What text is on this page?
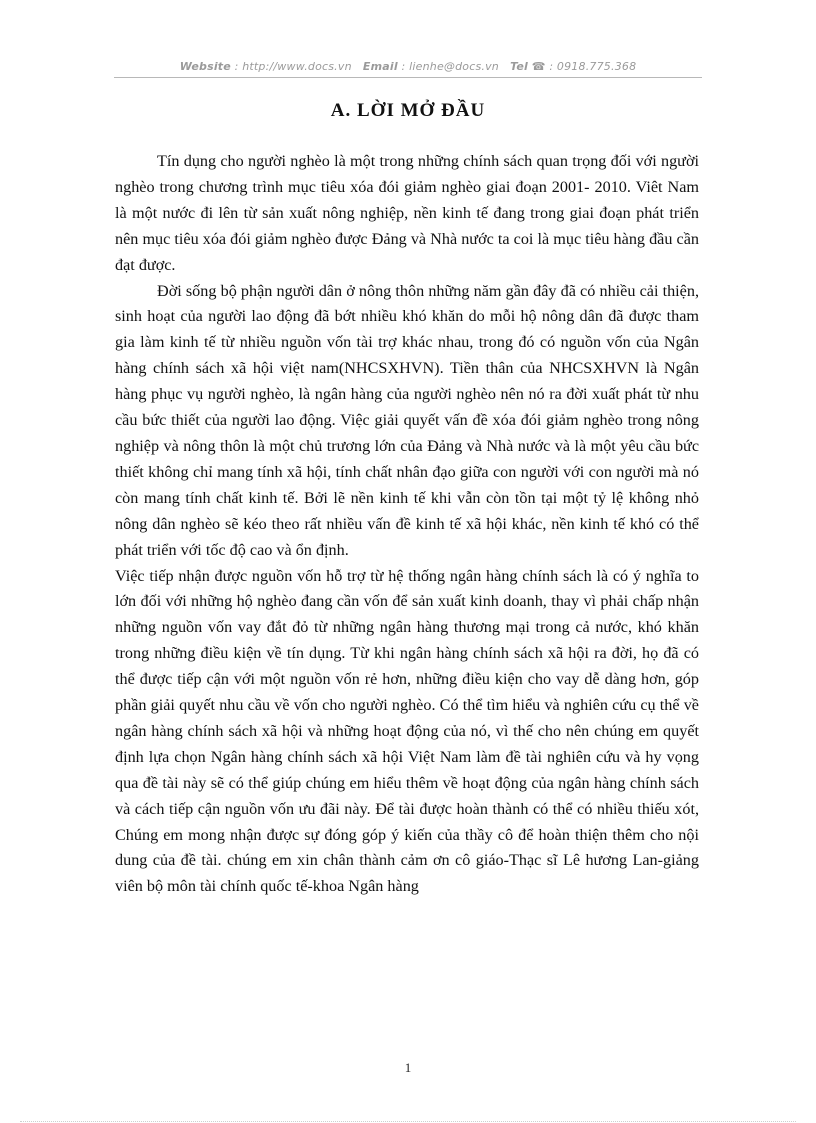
Website : http://www.docs.vn Email : lienhe@docs.vn Tel ☎ : 0918.775.368
A. LỜI MỞ ĐẦU

Tín dụng cho người nghèo là một trong những chính sách quan trọng đối với người nghèo trong chương trình mục tiêu xóa đói giảm nghèo giai đoạn 2001- 2010. Viêt Nam là một nước đi lên từ sản xuất nông nghiệp, nền kinh tế đang trong giai đoạn phát triển nên mục tiêu xóa đói giảm nghèo được Đảng và Nhà nước ta coi là mục tiêu hàng đầu cần đạt được.

Đời sống bộ phận người dân ở nông thôn những năm gần đây đã có nhiều cải thiện, sinh hoạt của người lao động đã bớt nhiều khó khăn do mỗi hộ nông dân đã được tham gia làm kinh tế từ nhiều nguồn vốn tài trợ khác nhau, trong đó có nguồn vốn của Ngân hàng chính sách xã hội việt nam(NHCSXHVN). Tiền thân của NHCSXHVN là Ngân hàng phục vụ người nghèo, là ngân hàng của người nghèo nên nó ra đời xuất phát từ nhu cầu bức thiết của người lao động. Việc giải quyết vấn đề xóa đói giảm nghèo trong nông nghiệp và nông thôn là một chủ trương lớn của Đảng và Nhà nước và là một yêu cầu bức thiết không chỉ mang tính xã hội, tính chất nhân đạo giữa con người với con người mà nó còn mang tính chất kinh tế. Bởi lẽ nền kinh tế khi vẫn còn tồn tại một tỷ lệ không nhỏ nông dân nghèo sẽ kéo theo rất nhiều vấn đề kinh tế xã hội khác, nền kinh tế khó có thể phát triển với tốc độ cao và ổn định.

Việc tiếp nhận được nguồn vốn hỗ trợ từ hệ thống ngân hàng chính sách là có ý nghĩa to lớn đối với những hộ nghèo đang cần vốn để sản xuất kinh doanh, thay vì phải chấp nhận những nguồn vốn vay đắt đỏ từ những ngân hàng thương mại trong cả nước, khó khăn trong những điều kiện về tín dụng. Từ khi ngân hàng chính sách xã hội ra đời, họ đã có thể được tiếp cận với một nguồn vốn rẻ hơn, những điều kiện cho vay dễ dàng hơn, góp phần giải quyết nhu cầu về vốn cho người nghèo. Có thể tìm hiểu và nghiên cứu cụ thể về ngân hàng chính sách xã hội và những hoạt động của nó, vì thế cho nên chúng em quyết định lựa chọn Ngân hàng chính sách xã hội Việt Nam làm đề tài nghiên cứu và hy vọng qua đề tài này sẽ có thể giúp chúng em hiểu thêm về hoạt động của ngân hàng chính sách và cách tiếp cận nguồn vốn ưu đãi này. Để tài được hoàn thành có thể có nhiều thiếu xót, Chúng em mong nhận được sự đóng góp ý kiến của thầy cô để hoàn thiện thêm cho nội dung của đề tài. chúng em xin chân thành cảm ơn cô giáo-Thạc sĩ Lê hương Lan-giảng viên bộ môn tài chính quốc tế-khoa Ngân hàng

1
